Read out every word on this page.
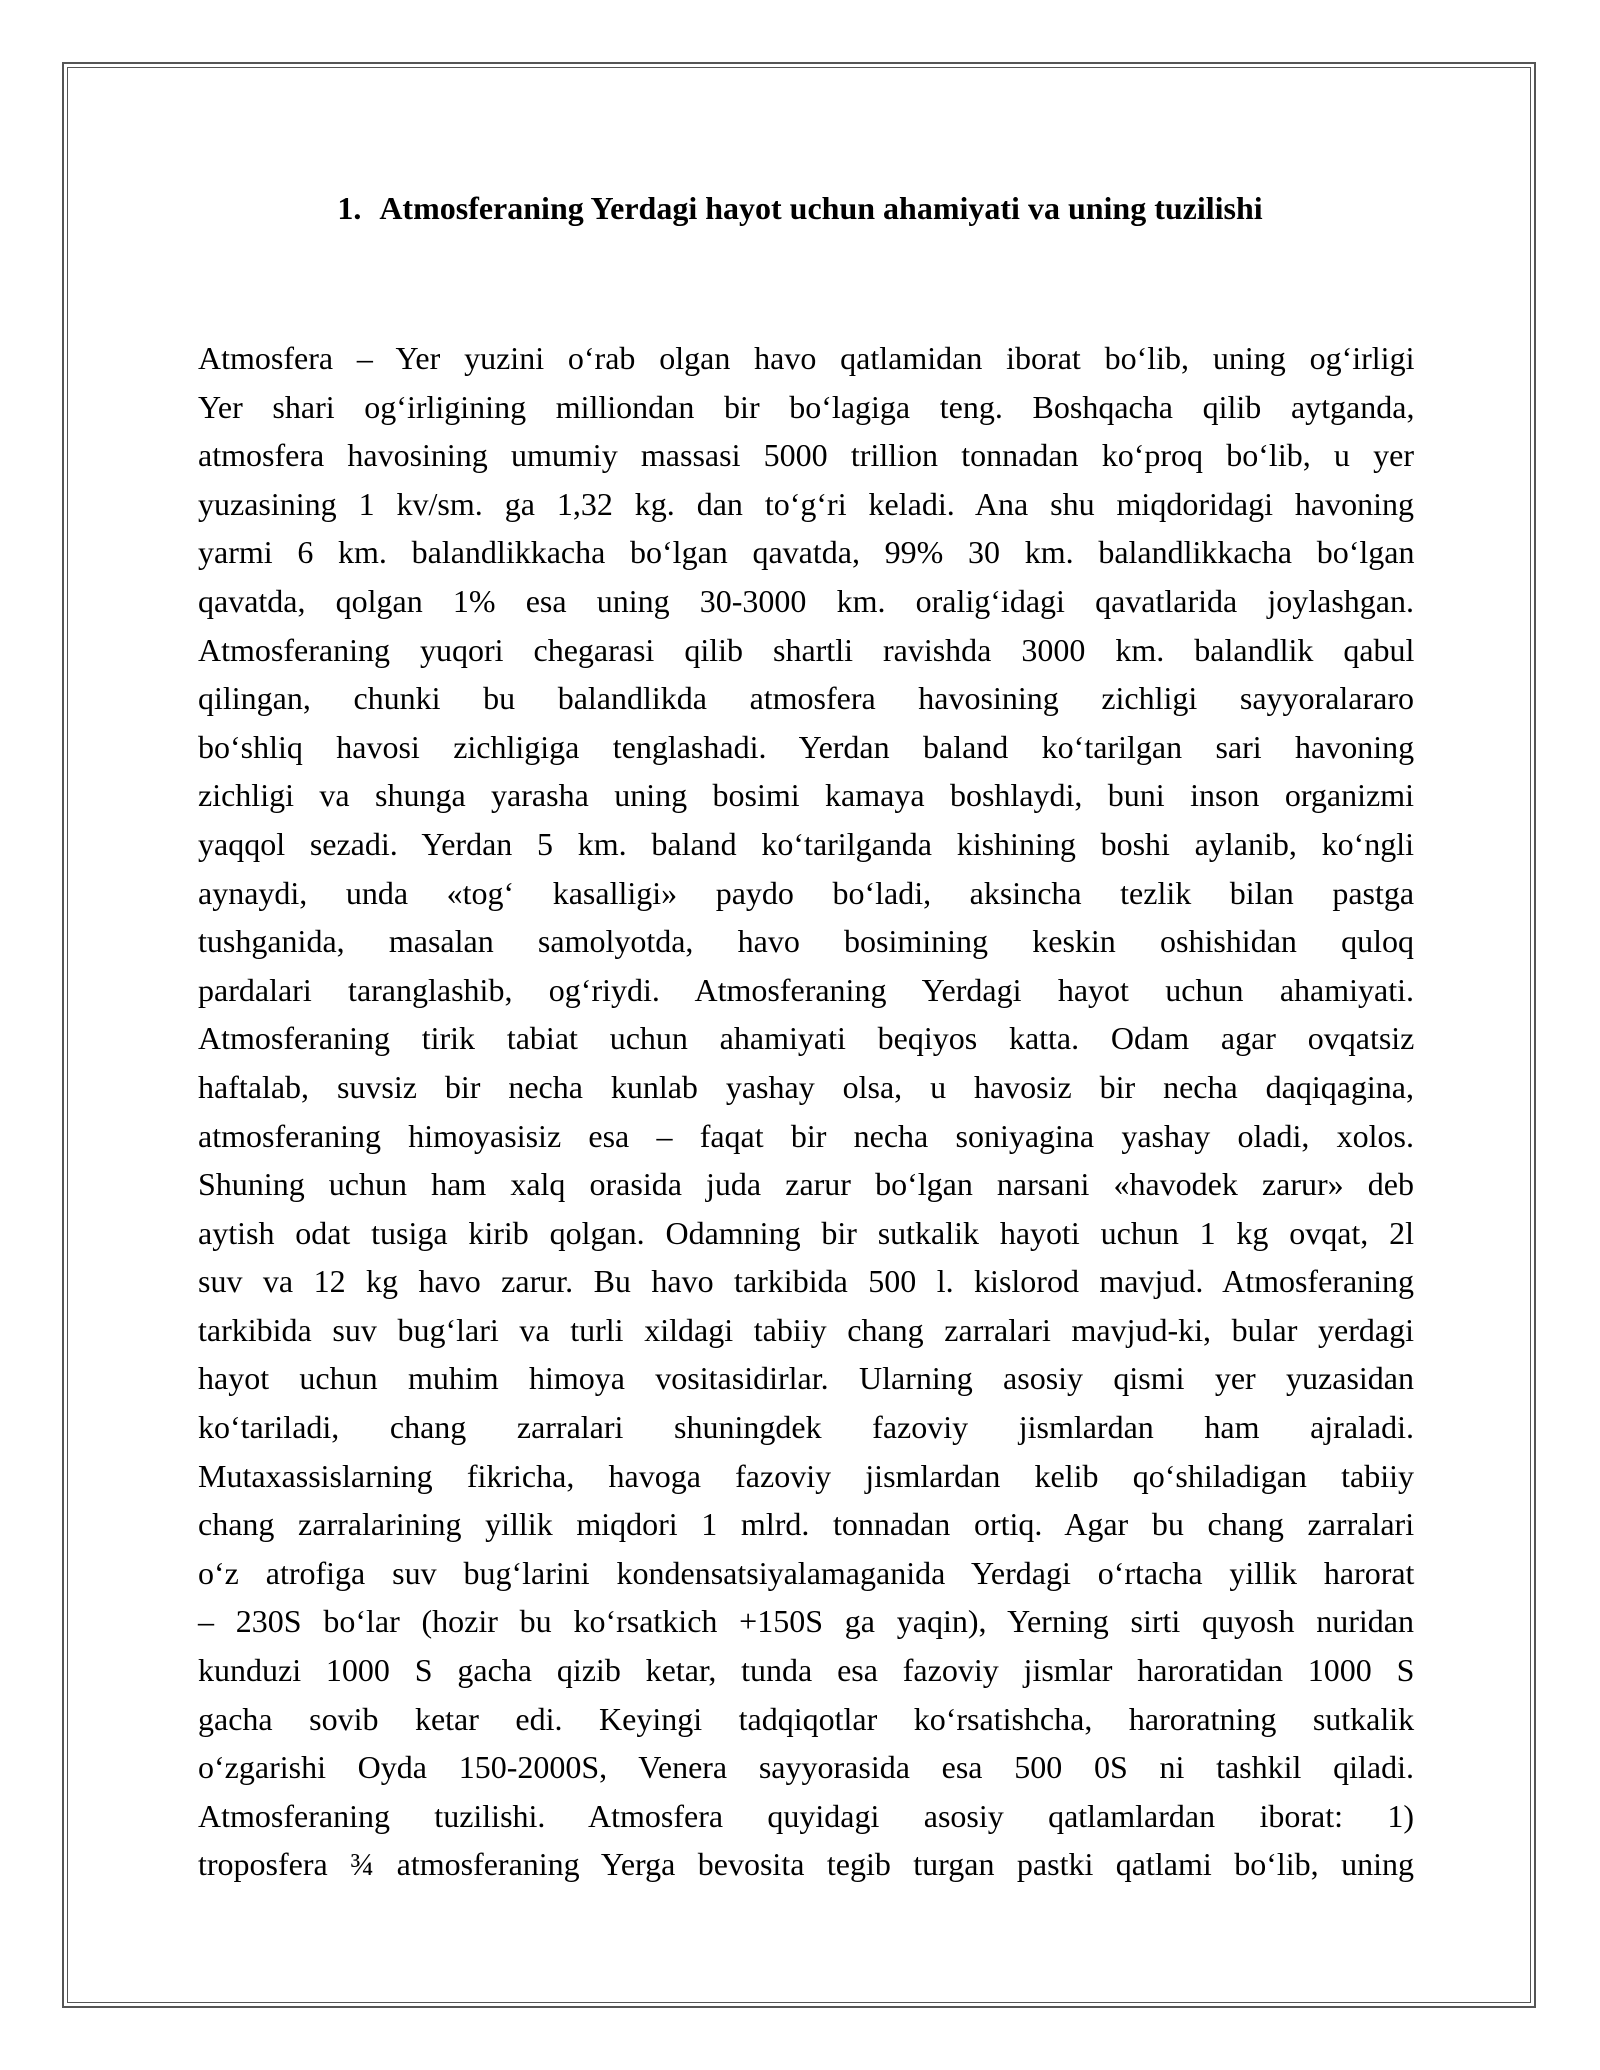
1. Atmosferaning Yerdagi hayot uchun ahamiyati va uning tuzilishi
Atmosfera – Yer yuzini o‘rab olgan havo qatlamidan iborat bo‘lib, uning og‘irligi
Yer shari og‘irligining milliondan bir bo‘lagiga teng. Boshqacha qilib aytganda,
atmosfera havosining umumiy massasi 5000 trillion tonnadan ko‘proq bo‘lib, u yer
yuzasining 1 kv/sm. ga 1,32 kg. dan to‘g‘ri keladi. Ana shu miqdoridagi havoning
yarmi 6 km. balandlikkacha bo‘lgan qavatda, 99% 30 km. balandlikkacha bo‘lgan
qavatda, qolgan 1% esa uning 30-3000 km. oralig‘idagi qavatlarida joylashgan.
Atmosferaning yuqori chegarasi qilib shartli ravishda 3000 km. balandlik qabul
qilingan, chunki bu balandlikda atmosfera havosining zichligi sayyoralararo
bo‘shliq havosi zichligiga tenglashadi. Yerdan baland ko‘tarilgan sari havoning
zichligi va shunga yarasha uning bosimi kamaya boshlaydi, buni inson organizmi
yaqqol sezadi. Yerdan 5 km. baland ko‘tarilganda kishining boshi aylanib, ko‘ngli
aynaydi, unda «tog‘ kasalligi» paydo bo‘ladi, aksincha tezlik bilan pastga
tushganida, masalan samolyotda, havo bosimining keskin oshishidan quloq
pardalari taranglashib, og‘riydi. Atmosferaning Yerdagi hayot uchun ahamiyati.
Atmosferaning tirik tabiat uchun ahamiyati beqiyos katta. Odam agar ovqatsiz
haftalab, suvsiz bir necha kunlab yashay olsa, u havosiz bir necha daqiqagina,
atmosferaning himoyasisiz esa – faqat bir necha soniyagina yashay oladi, xolos.
Shuning uchun ham xalq orasida juda zarur bo‘lgan narsani «havodek zarur» deb
aytish odat tusiga kirib qolgan. Odamning bir sutkalik hayoti uchun 1 kg ovqat, 2l
suv va 12 kg havo zarur. Bu havo tarkibida 500 l. kislorod mavjud. Atmosferaning
tarkibida suv bug‘lari va turli xildagi tabiiy chang zarralari mavjud-ki, bular yerdagi
hayot uchun muhim himoya vositasidirlar. Ularning asosiy qismi yer yuzasidan
ko‘tariladi, chang zarralari shuningdek fazoviy jismlardan ham ajraladi.
Mutaxassislarning fikricha, havoga fazoviy jismlardan kelib qo‘shiladigan tabiiy
chang zarralarining yillik miqdori 1 mlrd. tonnadan ortiq. Agar bu chang zarralari
o‘z atrofiga suv bug‘larini kondensatsiyalamaganida Yerdagi o‘rtacha yillik harorat
– 230S bo‘lar (hozir bu ko‘rsatkich +150S ga yaqin), Yerning sirti quyosh nuridan
kunduzi 1000 S gacha qizib ketar, tunda esa fazoviy jismlar haroratidan 1000 S
gacha sovib ketar edi. Keyingi tadqiqotlar ko‘rsatishcha, haroratning sutkalik
o‘zgarishi Oyda 150-2000S, Venera sayyorasida esa 500 0S ni tashkil qiladi.
Atmosferaning tuzilishi. Atmosfera quyidagi asosiy qatlamlardan iborat: 1)
troposfera ¾ atmosferaning Yerga bevosita tegib turgan pastki qatlami bo‘lib, uning
